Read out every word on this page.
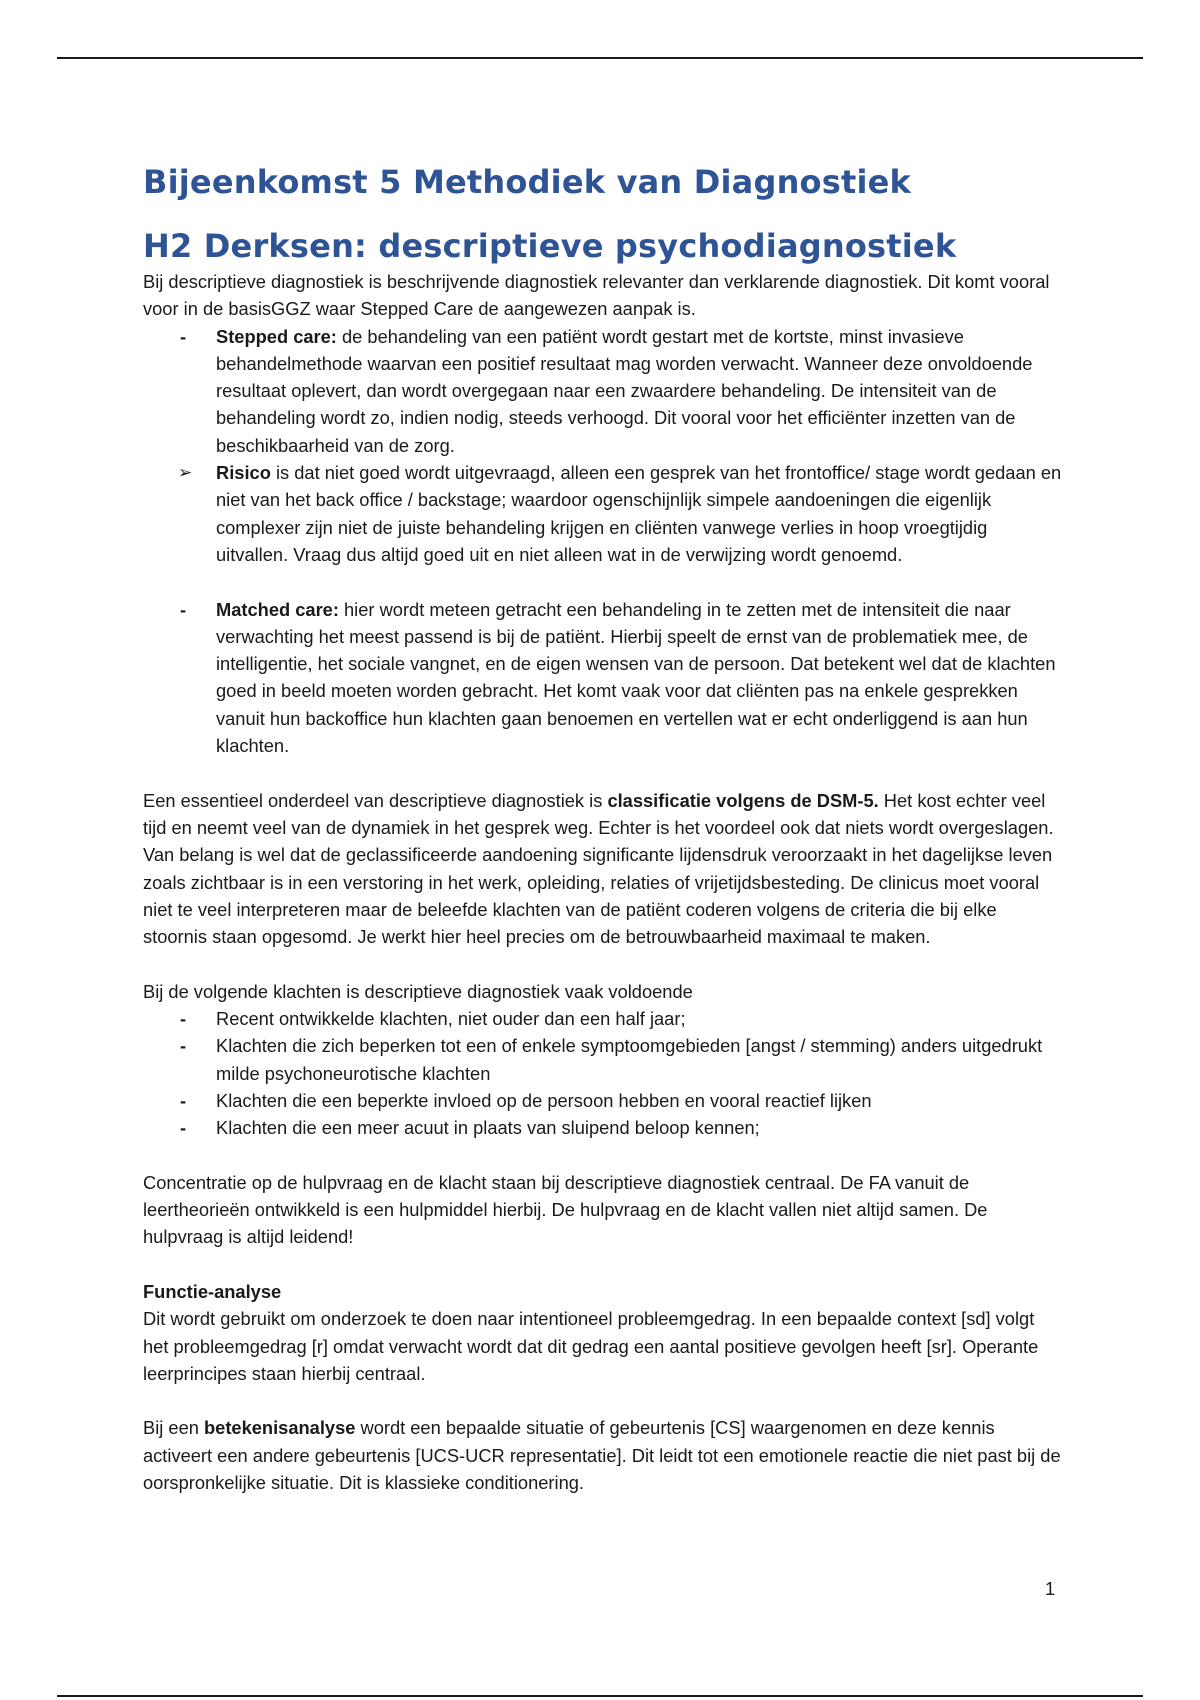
Bijeenkomst 5 Methodiek van Diagnostiek
H2 Derksen: descriptieve psychodiagnostiek

Bij descriptieve diagnostiek is beschrijvende diagnostiek relevanter dan verklarende diagnostiek. Dit komt vooral voor in de basisGGZ waar Stepped Care de aangewezen aanpak is.

-	Stepped care: de behandeling van een patiënt wordt gestart met de kortste, minst invasieve behandelmethode waarvan een positief resultaat mag worden verwacht. Wanneer deze onvoldoende resultaat oplevert, dan wordt overgegaan naar een zwaardere behandeling. De intensiteit van de behandeling wordt zo, indien nodig, steeds verhoogd. Dit vooral voor het efficiënter inzetten van de beschikbaarheid van de zorg.
➢	Risico is dat niet goed wordt uitgevraagd, alleen een gesprek van het frontoffice/ stage wordt gedaan en niet van het back office / backstage; waardoor ogenschijnlijk simpele aandoeningen die eigenlijk complexer zijn niet de juiste behandeling krijgen en cliënten vanwege verlies in hoop vroegtijdig uitvallen. Vraag dus altijd goed uit en niet alleen wat in de verwijzing wordt genoemd.
-	Matched care: hier wordt meteen getracht een behandeling in te zetten met de intensiteit die naar verwachting het meest passend is bij de patiënt. Hierbij speelt de ernst van de problematiek mee, de intelligentie, het sociale vangnet, en de eigen wensen van de persoon. Dat betekent wel dat de klachten goed in beeld moeten worden gebracht. Het komt vaak voor dat cliënten pas na enkele gesprekken vanuit hun backoffice hun klachten gaan benoemen en vertellen wat er echt onderliggend is aan hun klachten.

Een essentieel onderdeel van descriptieve diagnostiek is classificatie volgens de DSM-5. Het kost echter veel tijd en neemt veel van de dynamiek in het gesprek weg. Echter is het voordeel ook dat niets wordt overgeslagen. Van belang is wel dat de geclassificeerde aandoening significante lijdensdruk veroorzaakt in het dagelijkse leven zoals zichtbaar is in een verstoring in het werk, opleiding, relaties of vrijetijdsbesteding. De clinicus moet vooral niet te veel interpreteren maar de beleefde klachten van de patiënt coderen volgens de criteria die bij elke stoornis staan opgesomd. Je werkt hier heel precies om de betrouwbaarheid maximaal te maken.

Bij de volgende klachten is descriptieve diagnostiek vaak voldoende

-	Recent ontwikkelde klachten, niet ouder dan een half jaar;
-	Klachten die zich beperken tot een of enkele symptoomgebieden [angst / stemming) anders uitgedrukt milde psychoneurotische klachten
-	Klachten die een beperkte invloed op de persoon hebben en vooral reactief lijken
-	Klachten die een meer acuut in plaats van sluipend beloop kennen;

Concentratie op de hulpvraag en de klacht staan bij descriptieve diagnostiek centraal. De FA vanuit de leertheorieën ontwikkeld is een hulpmiddel hierbij. De hulpvraag en de klacht vallen niet altijd samen. De hulpvraag is altijd leidend!

Functie-analyse

Dit wordt gebruikt om onderzoek te doen naar intentioneel probleemgedrag. In een bepaalde context [sd] volgt het probleemgedrag [r] omdat verwacht wordt dat dit gedrag een aantal positieve gevolgen heeft [sr]. Operante leerprincipes staan hierbij centraal.

Bij een betekenisanalyse wordt een bepaalde situatie of gebeurtenis [CS] waargenomen en deze kennis activeert een andere gebeurtenis [UCS-UCR representatie]. Dit leidt tot een emotionele reactie die niet past bij de oorspronkelijke situatie. Dit is klassieke conditionering.

1
